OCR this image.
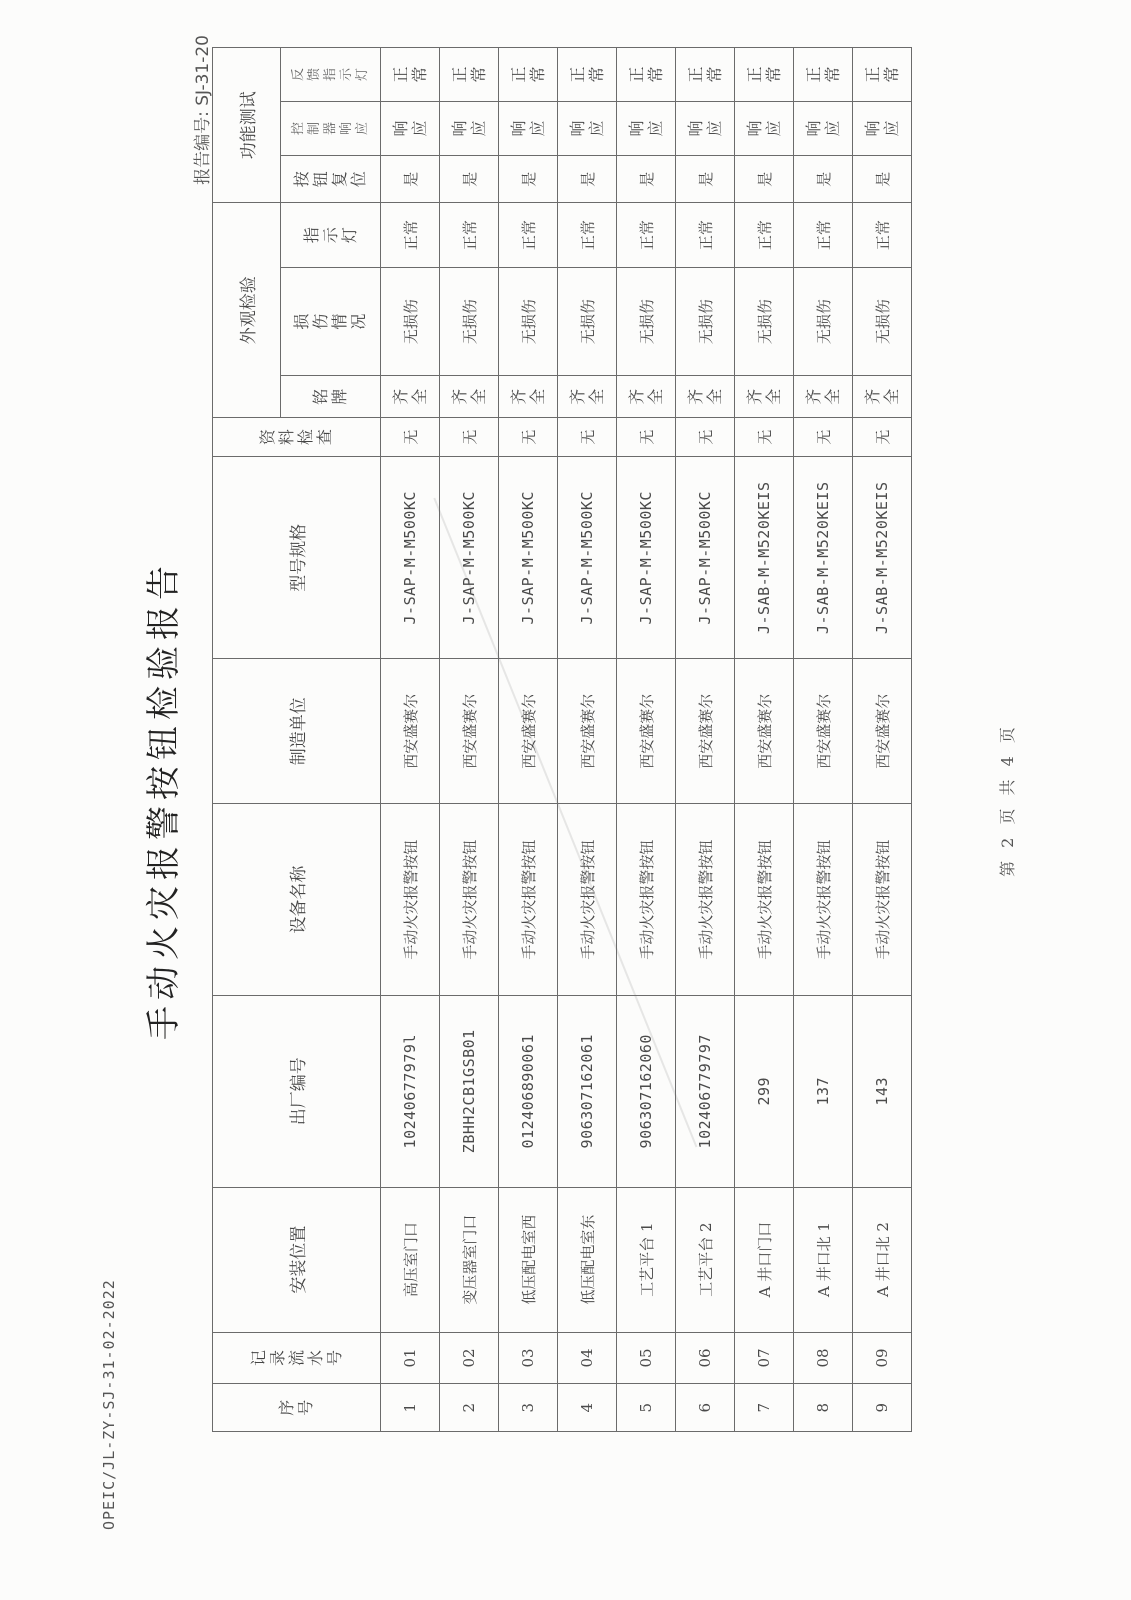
OPEIC/JL-ZY-SJ-31-02-2022
手动火灾报警按钮检验报告
报告编号: SJ-31-20
序号	记录流水号	安装位置	出厂编号	设备名称	制造单位	型号规格	资料检查	外观检验			功能测试		
								铭牌	损伤情况	指示灯	按钮复位	控制器响应	反馈指示灯
1	01	高压室门口	10240677979l	手动火灾报警按钮	西安盛赛尔	J-SAP-M-M500KC	无	齐全	无损伤	正常	是	响应	正常
2	02	变压器室门口	ZBHH2CB1GSB01	手动火灾报警按钮	西安盛赛尔	J-SAP-M-M500KC	无	齐全	无损伤	正常	是	响应	正常
3	03	低压配电室西	012406890061	手动火灾报警按钮	西安盛赛尔	J-SAP-M-M500KC	无	齐全	无损伤	正常	是	响应	正常
4	04	低压配电室东	906307162061	手动火灾报警按钮	西安盛赛尔	J-SAP-M-M500KC	无	齐全	无损伤	正常	是	响应	正常
5	05	工艺平台 1	906307162060	手动火灾报警按钮	西安盛赛尔	J-SAP-M-M500KC	无	齐全	无损伤	正常	是	响应	正常
6	06	工艺平台 2	102406779797	手动火灾报警按钮	西安盛赛尔	J-SAP-M-M500KC	无	齐全	无损伤	正常	是	响应	正常
7	07	A 井口门口	299	手动火灾报警按钮	西安盛赛尔	J-SAB-M-M520KEIS	无	齐全	无损伤	正常	是	响应	正常
8	08	A 井口北 1	137	手动火灾报警按钮	西安盛赛尔	J-SAB-M-M520KEIS	无	齐全	无损伤	正常	是	响应	正常
9	09	A 井口北 2	143	手动火灾报警按钮	西安盛赛尔	J-SAB-M-M520KEIS	无	齐全	无损伤	正常	是	响应	正常
第 2 页 共 4 页
